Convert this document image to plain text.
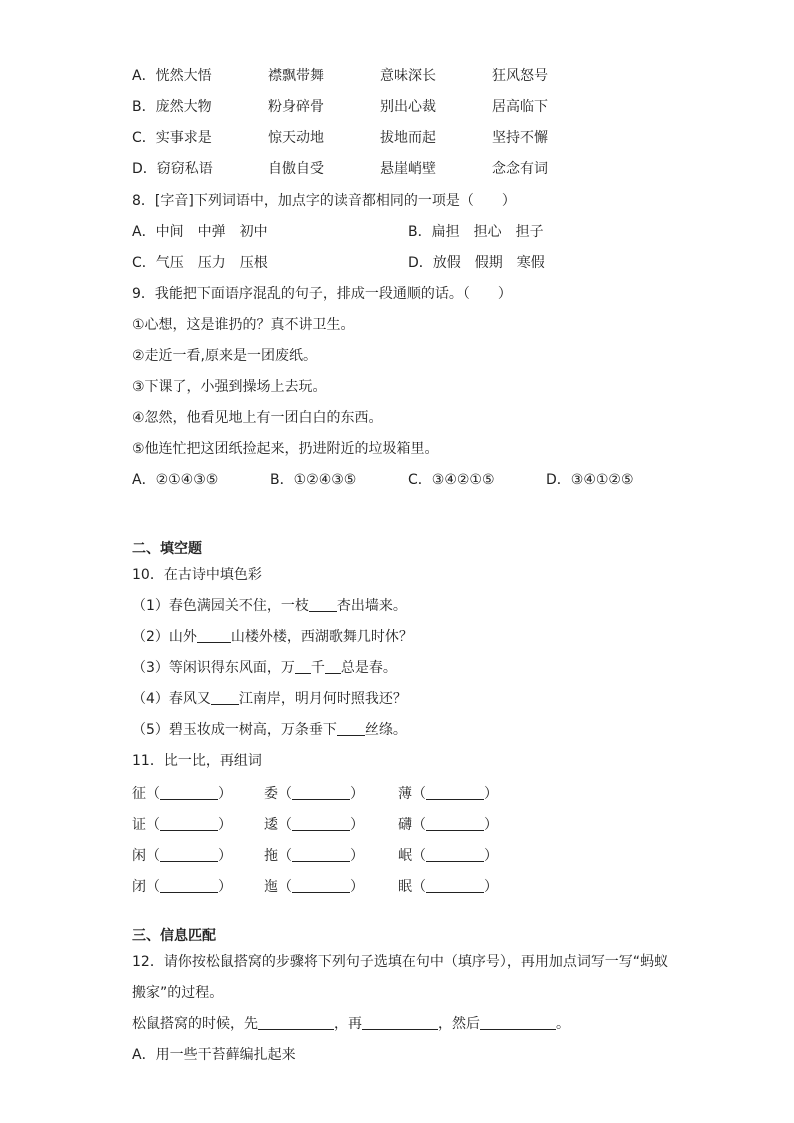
A．恍然大悟	襟飘带舞	意味深长	狂风怒号
B．庞然大物	粉身碎骨	别出心裁	居高临下
C．实事求是	惊天动地	拔地而起	坚持不懈
D．窃窃私语	自傲自受	悬崖峭壁	念念有词
8．[字音]下列词语中，加点字的读音都相同的一项是（　　）
A．中间　中弹　初中	B．扁担　担心　担子
C．气压　压力　压根	D．放假　假期　寒假
9．我能把下面语序混乱的句子，排成一段通顺的话。（　　）
①心想，这是谁扔的？真不讲卫生。
②走近一看,原来是一团废纸。
③下课了，小强到操场上去玩。
④忽然，他看见地上有一团白白的东西。
⑤他连忙把这团纸捡起来，扔进附近的垃圾箱里。
A．②①④③⑤	B．①②④③⑤	C．③④②①⑤	D．③④①②⑤
二、填空题
10．在古诗中填色彩
（1）春色满园关不住，一枝 杏出墙来。
（2）山外 山楼外楼，西湖歌舞几时休？
（3）等闲识得东风面，万 千 总是春。
（4）春风又 江南岸，明月何时照我还？
（5）碧玉妆成一树高，万条垂下 丝绦。
11．比一比，再组词
征（	） 委（	） 薄（	）
证（	） 逶（	） 礴（	）
闲（	） 拖（	） 岷（	）
闭（	） 迤（	） 眠（	）
三、信息匹配
12．请你按松鼠搭窝的步骤将下列句子选填在句中（填序号），再用加点词写一写“蚂蚁
搬家”的过程。
松鼠搭窝的时候，先	，再	，然后	。
A．用一些干苔藓编扎起来
